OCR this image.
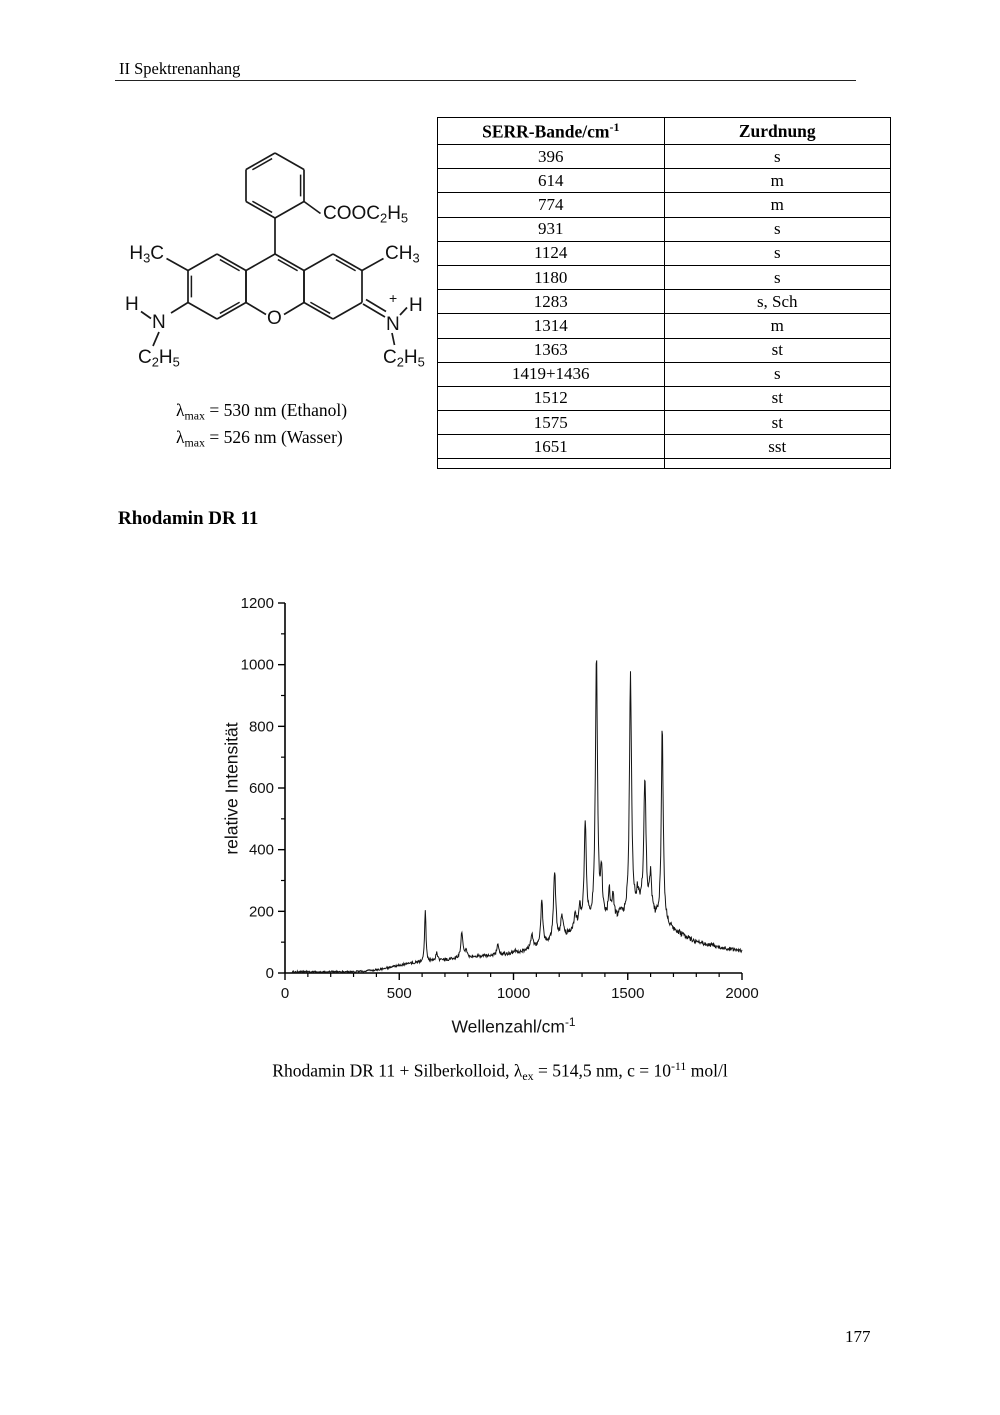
II Spektrenanhang
$COOC_2H_5$
$H_3C$	$CH_3$
H
N
$C_2H_5$
N
+ H
$C_2H_5$
O
$\lambda_{max} = 530$ nm (Ethanol)
$\lambda_{max} = 526$ nm (Wasser)
SERR-$Bande/cm^{-1}$	Zurdnung
396	s
614	m
774	m
931	s
1124	s
1180	s
1283	s, Sch
1314	m
1363	st
1419+1436	s
1512	st
1575	st
1651	sst

Rhodamin DR 11
0
200
400
600
800
1000
1200
0	500	1000	1500	2000
relative Intensität
Wellenzahl/$cm^{-1}$
Rhodamin DR 11 + Silberkolloid, $\lambda_{ex} = 514,5$ nm, $c = 10^{-11}$ mol/l
177
